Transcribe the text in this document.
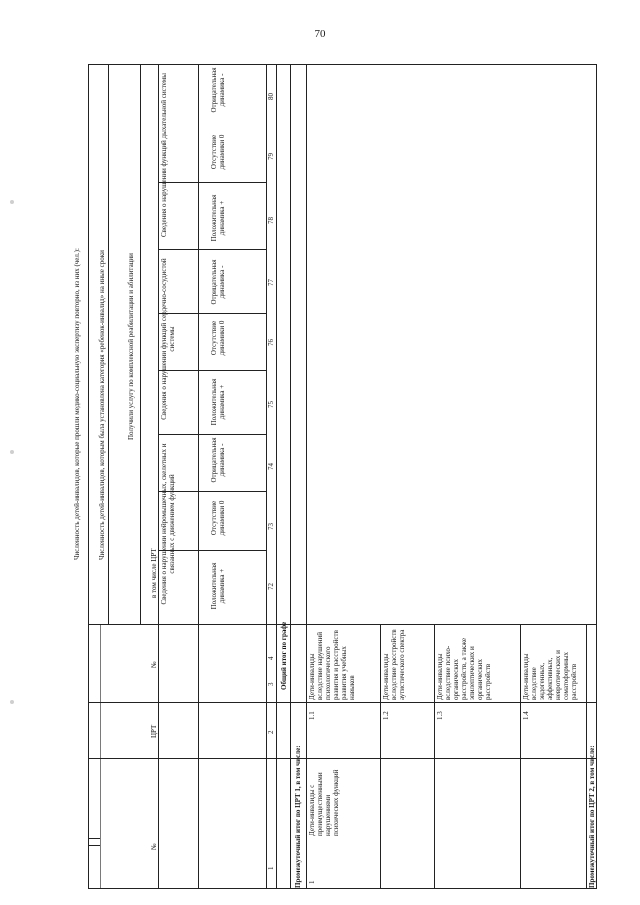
70
Численность детей-инвалидов, которые прошли медико-социальную экспертизу повторно, из них (чел.): Численность детей-инвалидов, которым была установлена категория «ребенок-инвалид» на иные сроки	Получили услугу по комплексной реабилитации и абилитации
Сведения о нарушении нейромышечных, скелетных и связанных с движением функций
Сведения о нарушении функций сердечно-сосудистой системы
Сведения о нарушении функций дыхательной системы
Положительная динамика +
Отсутствие динамики 0
Отрицательная динамика -
Положительная динамика +
Отсутствие динамики 0
Отрицательная динамика -
Положительная динамика +
Отсутствие динамики 0
Отрицательная динамика -
72
73
74
75
76
77
78
79
80
№
ЦРТ
№
в том числе ЦРТ
1
2
3
4 Общий итог по графе
Промежуточный итог по ЦРТ 1, в том числе:	Промежуточный итог по ЦРТ 2, в том числе:
1
Дети-инвалиды с преимущественными нарушениями психических функций
1.1
Дети-инвалиды вследствие нарушений психологического развития и расстройств развития учебных навыков
1.2
Дети-инвалиды вследствие расстройств аутистического спектра
1.3
Дети-инвалиды вследствие психо-органических расстройств, а также эпилептических и органических расстройств
1.4
Дети-инвалиды вследствие эндогенных, аффективных, невротических и соматоформных расстройств
